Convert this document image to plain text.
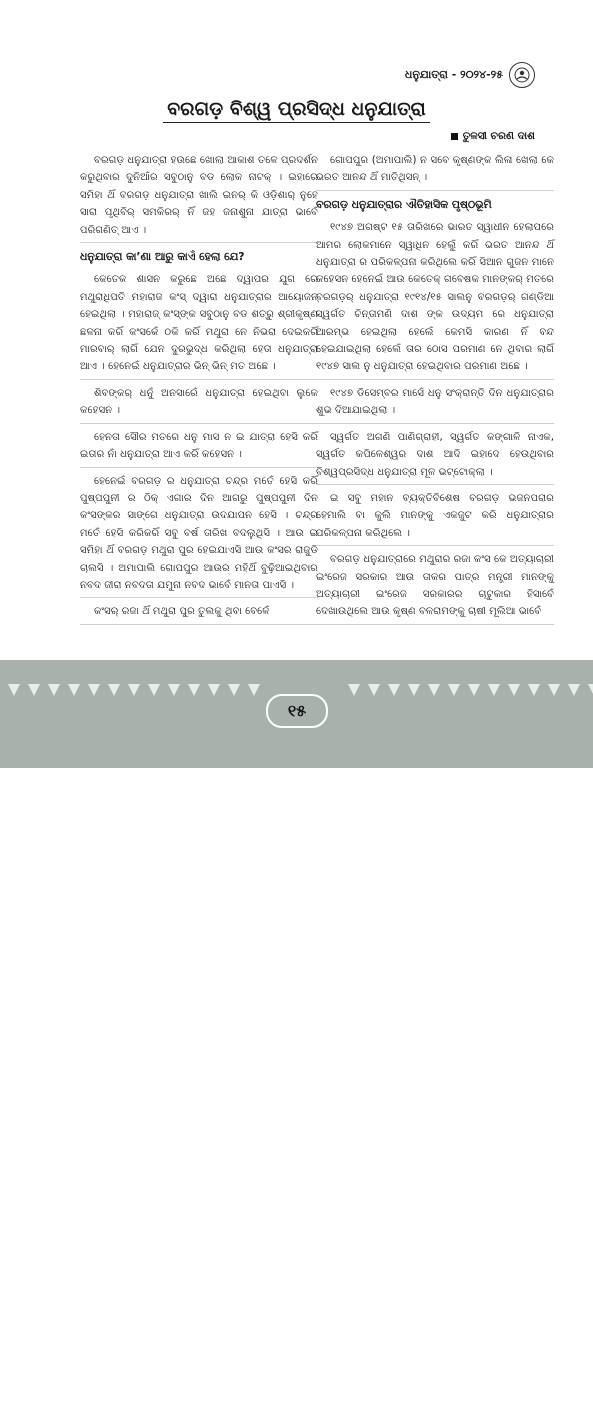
ଧନୁଯାତ୍ରା - ୨୦୨୪-୨୫
ବରଗଡ଼ ବିଶ୍ୱ ପ୍ରସିଦ୍ଧ ଧନୁଯାତ୍ରା
ତୁଳସୀ ଚରଣ ଦାଶ

ବରଗଡ଼ ଧନୁଯାତ୍ରା ହଉଛେ ଖୋଲା ଆକାଶ ତଳେ ପ୍ରଦର୍ଶନ କରୁଥିବାର ଦୁନିଆଁର ସବୁଠାନୁ ବଡ ଲୋକ ନାଟକ୍ । ଇହାରେ ସମିହା ଥିଁ ବରଗଡ଼ ଧନୁଯାତ୍ରା ଖାଲି ଇନର୍ କି ଓଡ଼ିଶାର୍ ନୁହେ ସାରା ପୃଥିବିର୍ ସମକିରର୍ ନିଁ ଜହ ଜନାଶୁନା ଯାତ୍ରା ଭାବେଁ ପରିଗଣିତ୍ ଆଏ ।

ଧନୁଯାତ୍ରା କା’ଣା ଆରୁ କାଏଁ ହେଲା ଯେ?

କେତେକ ଶାସନ କରୁଛେ ଅଛେ ଦ୍ୱାପର ଯୁଗ ରେ ମଥୁରାଧିପତି ମହାରାଜ କଂସ୍ ଦ୍ୱାରା ଧନୁଯାତ୍ରାର ଆୟୋଜନ୍ ହେଇଥିଲା । ମହାରାଜ୍ କଂସ୍‌ଙ୍କ ସବୁଠାନୁ ବଡ ଶତ୍ରୁ ଶ୍ରୀକୃଷ୍ଣ ଛଳନା କରିଁ କଂସକେଁ ଠକି କରିଁ ମଥୁରା ନେ ନିଭରା ଦେଇକରିଁ ମାରବାର୍ ଲାଗିଁ ଯେନ ଦୁରଭୁଦ୍ଧ କରିଥିଲା ହେତା ଧନୁଯାତ୍ରା ଆଏ । ହେନେଇଁ ଧନୁଯାତ୍ରାର ଭିନ୍ ଭିନ୍ ମତ ଅଛେ ।

ଶିବଙ୍କର୍ ଧନୁଁ ଅନସାରେଁ ଧନୁଯାତ୍ରା ହେଇଥିବା ଲୁକେ କହେସନ ।

ହେନତା ସୌର ମତରେ ଧନୁ ମାସ ନ ଇ ଯାତ୍ରା ହେସି କରିଁ ଇତାର ନାଁ ଧନୁଯାତ୍ରା ଆଏ କରିଁ କହେସନ ।

ହେନେଇଁ ବରଗଡ଼ ର ଧନୁଯାତ୍ରା ଚନ୍ଦ୍ର ମତେଁ ହେସି କରିଁ ପୁଷ୍ପପୁନୀ ର ଠିକ୍ ଏଗାର ଦିନ ଆଗରୁ ପୁଷ୍ପପୁନୀ ଦିନ କଂସଙ୍କର ସାଙ୍ଗେ ଧନୁଯାତ୍ରା ଉଦଯାପନ ହେସି । ଚନ୍ଦ୍ର ମତେଁ ହେସି କରିକରିଁ ସବୁ ବର୍ଷ ତାରିଖ ବଦଲୁଥିସି । ଆଉ ଇ ସମିହା ଥିଁ ବରଗଡ଼ ମଥୁରା ପୁର ହେଇଯାଏସି ଆଉ କଂସର ରାଜୁଡି ଚାଲସି । ଅମାପାଲି ଗୋପପୁର ଆଉର ମହିଥିଁ ବୁଢ଼ିଆଇଥିବାର ନବଦ ଜୀରା ନବଦତା ଯମୁନା ନବଦ ଭାବେଁ ମାନତା ପାଏସି ।

କଂସର୍ ରଜା ଥିଁ ମଥୁରା ପୁର ତୁଲକୁ ଥିବା ବେଳେଁ

ଗୋପପୁର (ଅମାପାଲି) ନ ସବେ କୃଷ୍ଣଙ୍କ ଲିଳା ଖେଲା କେ ଭରତ ଆନନ୍ଦ ଥିଁ ମାତିଥିସନ୍ ।

ବରଗଡ଼ ଧନୁଯାତ୍ରାର ଐତିହାସିକ ପୃଷ୍ଠଭୂମି

୧୯୪୭ ଅଗଷ୍ଟ ୧୫ ତାରିଖରେ ଭାରତ ସ୍ୱାଧୀନ ହେଲାପରେ ଆମର ଲୋକମାନେ ସ୍ୱାଧିନ ହେଲୁଁ କରିଁ ଭରତ ଆନନ୍ଦ ଥିଁ ଧନୁଯାତ୍ରା ର ପରିକଳ୍ପନା କରିଥିଲେ କରିଁ ସିଆନ ଗୁଜନ ମାନେ କହେସନ ହେନେଇଁ ଆଉ କେତେକ୍ ଗବେଷକ ମାନଙ୍କର୍ ମତରେ ବରଗଡ଼ର୍ ଧନୁଯାତ୍ରା ୧୯୧୪/୧୫ ସାଲନୁ ବରଗଡ଼ର୍ ଗଣ୍ଡିଆ ସ୍ୱର୍ଗତ ଚିନ୍ତାମଣି ଦାଶ ଙ୍କ ଉଦ୍ୟମ ରେ ଧନୁଯାତ୍ରା ଆରମ୍ଭ ହେଇଥିଲା ହେଲେଁ କେମସି କାରଣ ନିଁ ବନ୍ଦ ହେଇଯାଇଥିଲା ହେଲେଁ ତାର ଠୋସ ପରମାଣ ନେ ଥିବାର ଲାଗିଁ ୧୯୪୭ ସାଲ ନୁ ଧନୁଯାତ୍ରା ହେଇଥିବାର ପରମାଣ ଅଛେ ।

୧୯୪୭ ଡିସେମ୍ବର ମାସେଁ ଧନୁ ସଂକ୍ରାନ୍ତି ଦିନ ଧନୁଯାତ୍ରାର ଶୁଭ ଦିଆଯାଇଥିଲା ।

ସ୍ୱର୍ଗତ ଅଗଣି ପାଣିଗ୍ରାହୀ, ସ୍ୱର୍ଗତ କଙ୍ଗାଳି ନାଏକ, ସ୍ୱର୍ଗତ କପିଳେଶ୍ୱର ଦାଶ ଆଦି ଇହାଦେ ହେଉଥିବାର ବିଶ୍ୱପ୍ରସିଦ୍ଧ ଧନୁଯାତ୍ରା ମୂଳ ଭଟ୍ଟୋକ୍ଲା ।

ଇ ସବୁ ମହାନ ବ୍ୟକ୍ତିବିଶେଷ ବରଗଡ଼ ଭଜନପରାର ହେମାଲି ବା କୁଲି ମାନଙ୍କୁ ଏକଜୁଟ କରି ଧନୁଯାତ୍ରାର ପରିକଳ୍ପନା କରିଥିଲେ ।

ବରଗଡ଼ ଧନୁଯାତ୍ରାରେ ମଥୁରାର ରଜା କଂସ କେ ଅତ୍ୟାଚାରୀ ଇଂରେଜ ସରକାର ଆଉ ତାକର ପାତ୍ର ମନ୍ତ୍ରୀ ମାନଙ୍କୁ ଅତ୍ୟାଚାରୀ ଇଂରେଜ ସରକାରର ଚାଟୁକାର ହିସାବେଁ ଦେଖାଉଥିଲେ ଆଉ କୃଷ୍ଣ ବଳରାମଙ୍କୁ ଚାଷୀ ମୂଲିଆ ଭାବେଁ

୧୫
